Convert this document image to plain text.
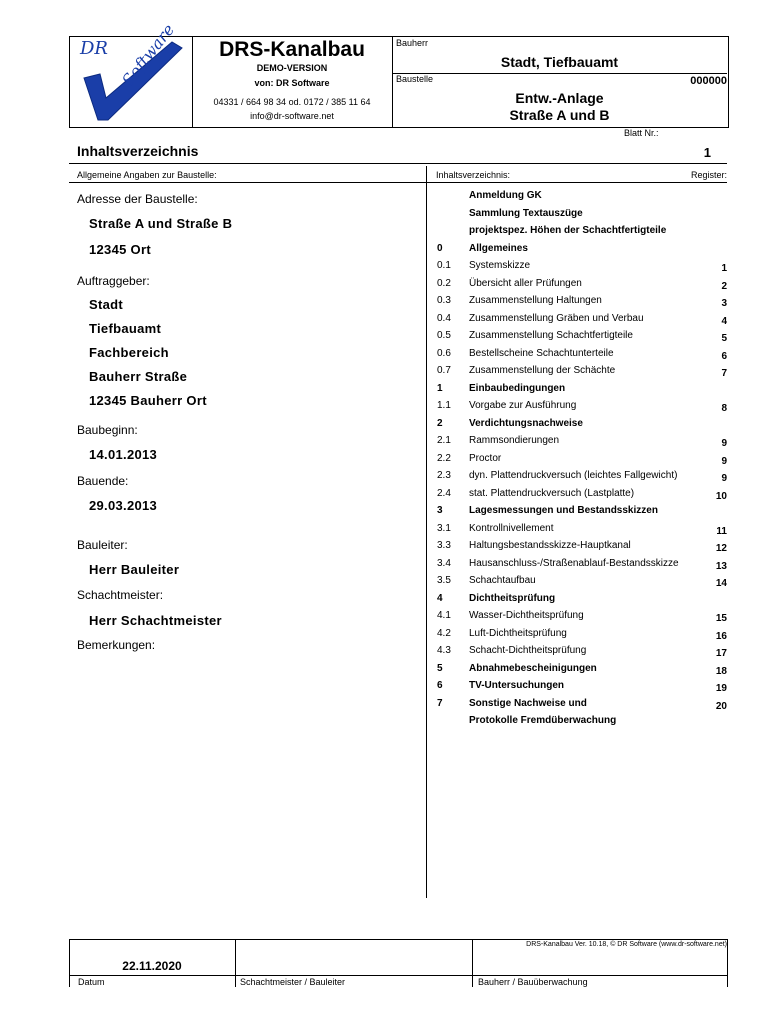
DR Software	DRS-Kanalbau
DEMO-VERSION
von: DR Software
04331 / 664 98 34 od. 0172 / 385 11 64
info@dr-software.net
Bauherr
Stadt, Tiefbauamt
Baustelle	000000
Entw.-Anlage
Straße A und B
Blatt Nr.:
Inhaltsverzeichnis	1
Allgemeine Angaben zur Baustelle:	Inhaltsverzeichnis:	Register:
Adresse der Baustelle:
Straße A und Straße B
12345 Ort
Auftraggeber:
Stadt
Tiefbauamt
Fachbereich
Bauherr Straße
12345 Bauherr Ort
Baubeginn:
14.01.2013
Bauende:
29.03.2013
Bauleiter:
Herr Bauleiter
Schachtmeister:
Herr Schachtmeister
Bemerkungen:
Anmeldung GK
Sammlung Textauszüge
projektspez. Höhen der Schachtfertigteile
0	Allgemeines
0.1 Systemskizze	1
0.2 Übersicht aller Prüfungen	2
0.3 Zusammenstellung Haltungen	3
0.4 Zusammenstellung Gräben und Verbau	4
0.5 Zusammenstellung Schachtfertigteile	5
0.6 Bestellscheine Schachtunterteile	6
0.7 Zusammenstellung der Schächte	7
1	Einbaubedingungen
1.1 Vorgabe zur Ausführung	8
2	Verdichtungsnachweise
2.1 Rammsondierungen	9
2.2 Proctor	9
2.3 dyn. Plattendruckversuch (leichtes Fallgewicht)	9
2.4 stat. Plattendruckversuch (Lastplatte)	10
3	Lagesmessungen und Bestandsskizzen
3.1 Kontrollnivellement	11
3.3 Haltungsbestandsskizze-Hauptkanal	12
3.4 Hausanschluss-/Straßenablauf-Bestandsskizze	13
3.5 Schachtaufbau	14
4	Dichtheitsprüfung
4.1 Wasser-Dichtheitsprüfung	15
4.2 Luft-Dichtheitsprüfung	16
4.3 Schacht-Dichtheitsprüfung	17
5	Abnahmebescheinigungen	18
6	TV-Untersuchungen	19
7	Sonstige Nachweise und	20
Protokolle Fremdüberwachung
DRS-Kanalbau Ver. 10.18, © DR Software (www.dr-software.net)
22.11.2020
Datum	Schachtmeister / Bauleiter	Bauherr / Bauüberwachung
